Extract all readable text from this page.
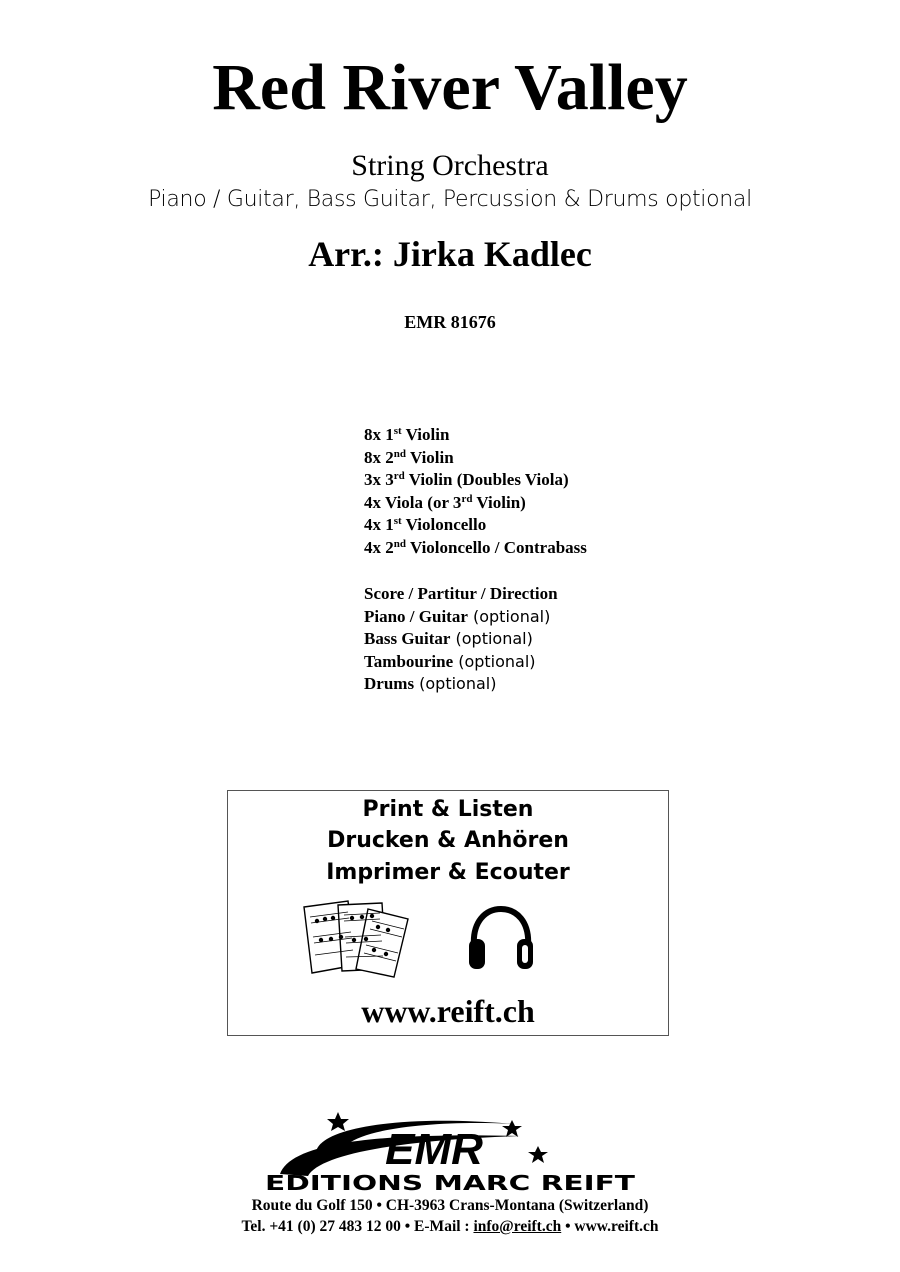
Red River Valley
String Orchestra
Piano / Guitar, Bass Guitar, Percussion & Drums optional
Arr.: Jirka Kadlec
EMR 81676
8x 1st Violin
8x 2nd Violin
3x 3rd Violin (Doubles Viola)
4x Viola (or 3rd Violin)
4x 1st Violoncello
4x 2nd Violoncello / Contrabass
Score / Partitur / Direction
Piano / Guitar (optional)
Bass Guitar (optional)
Tambourine (optional)
Drums (optional)
Print & Listen
Drucken & Anhören
Imprimer & Ecouter
www.reift.ch
EMR
EDITIONS MARC REIFT
Route du Golf 150 • CH-3963 Crans-Montana (Switzerland)
Tel. +41 (0) 27 483 12 00 • E-Mail : info@reift.ch • www.reift.ch
